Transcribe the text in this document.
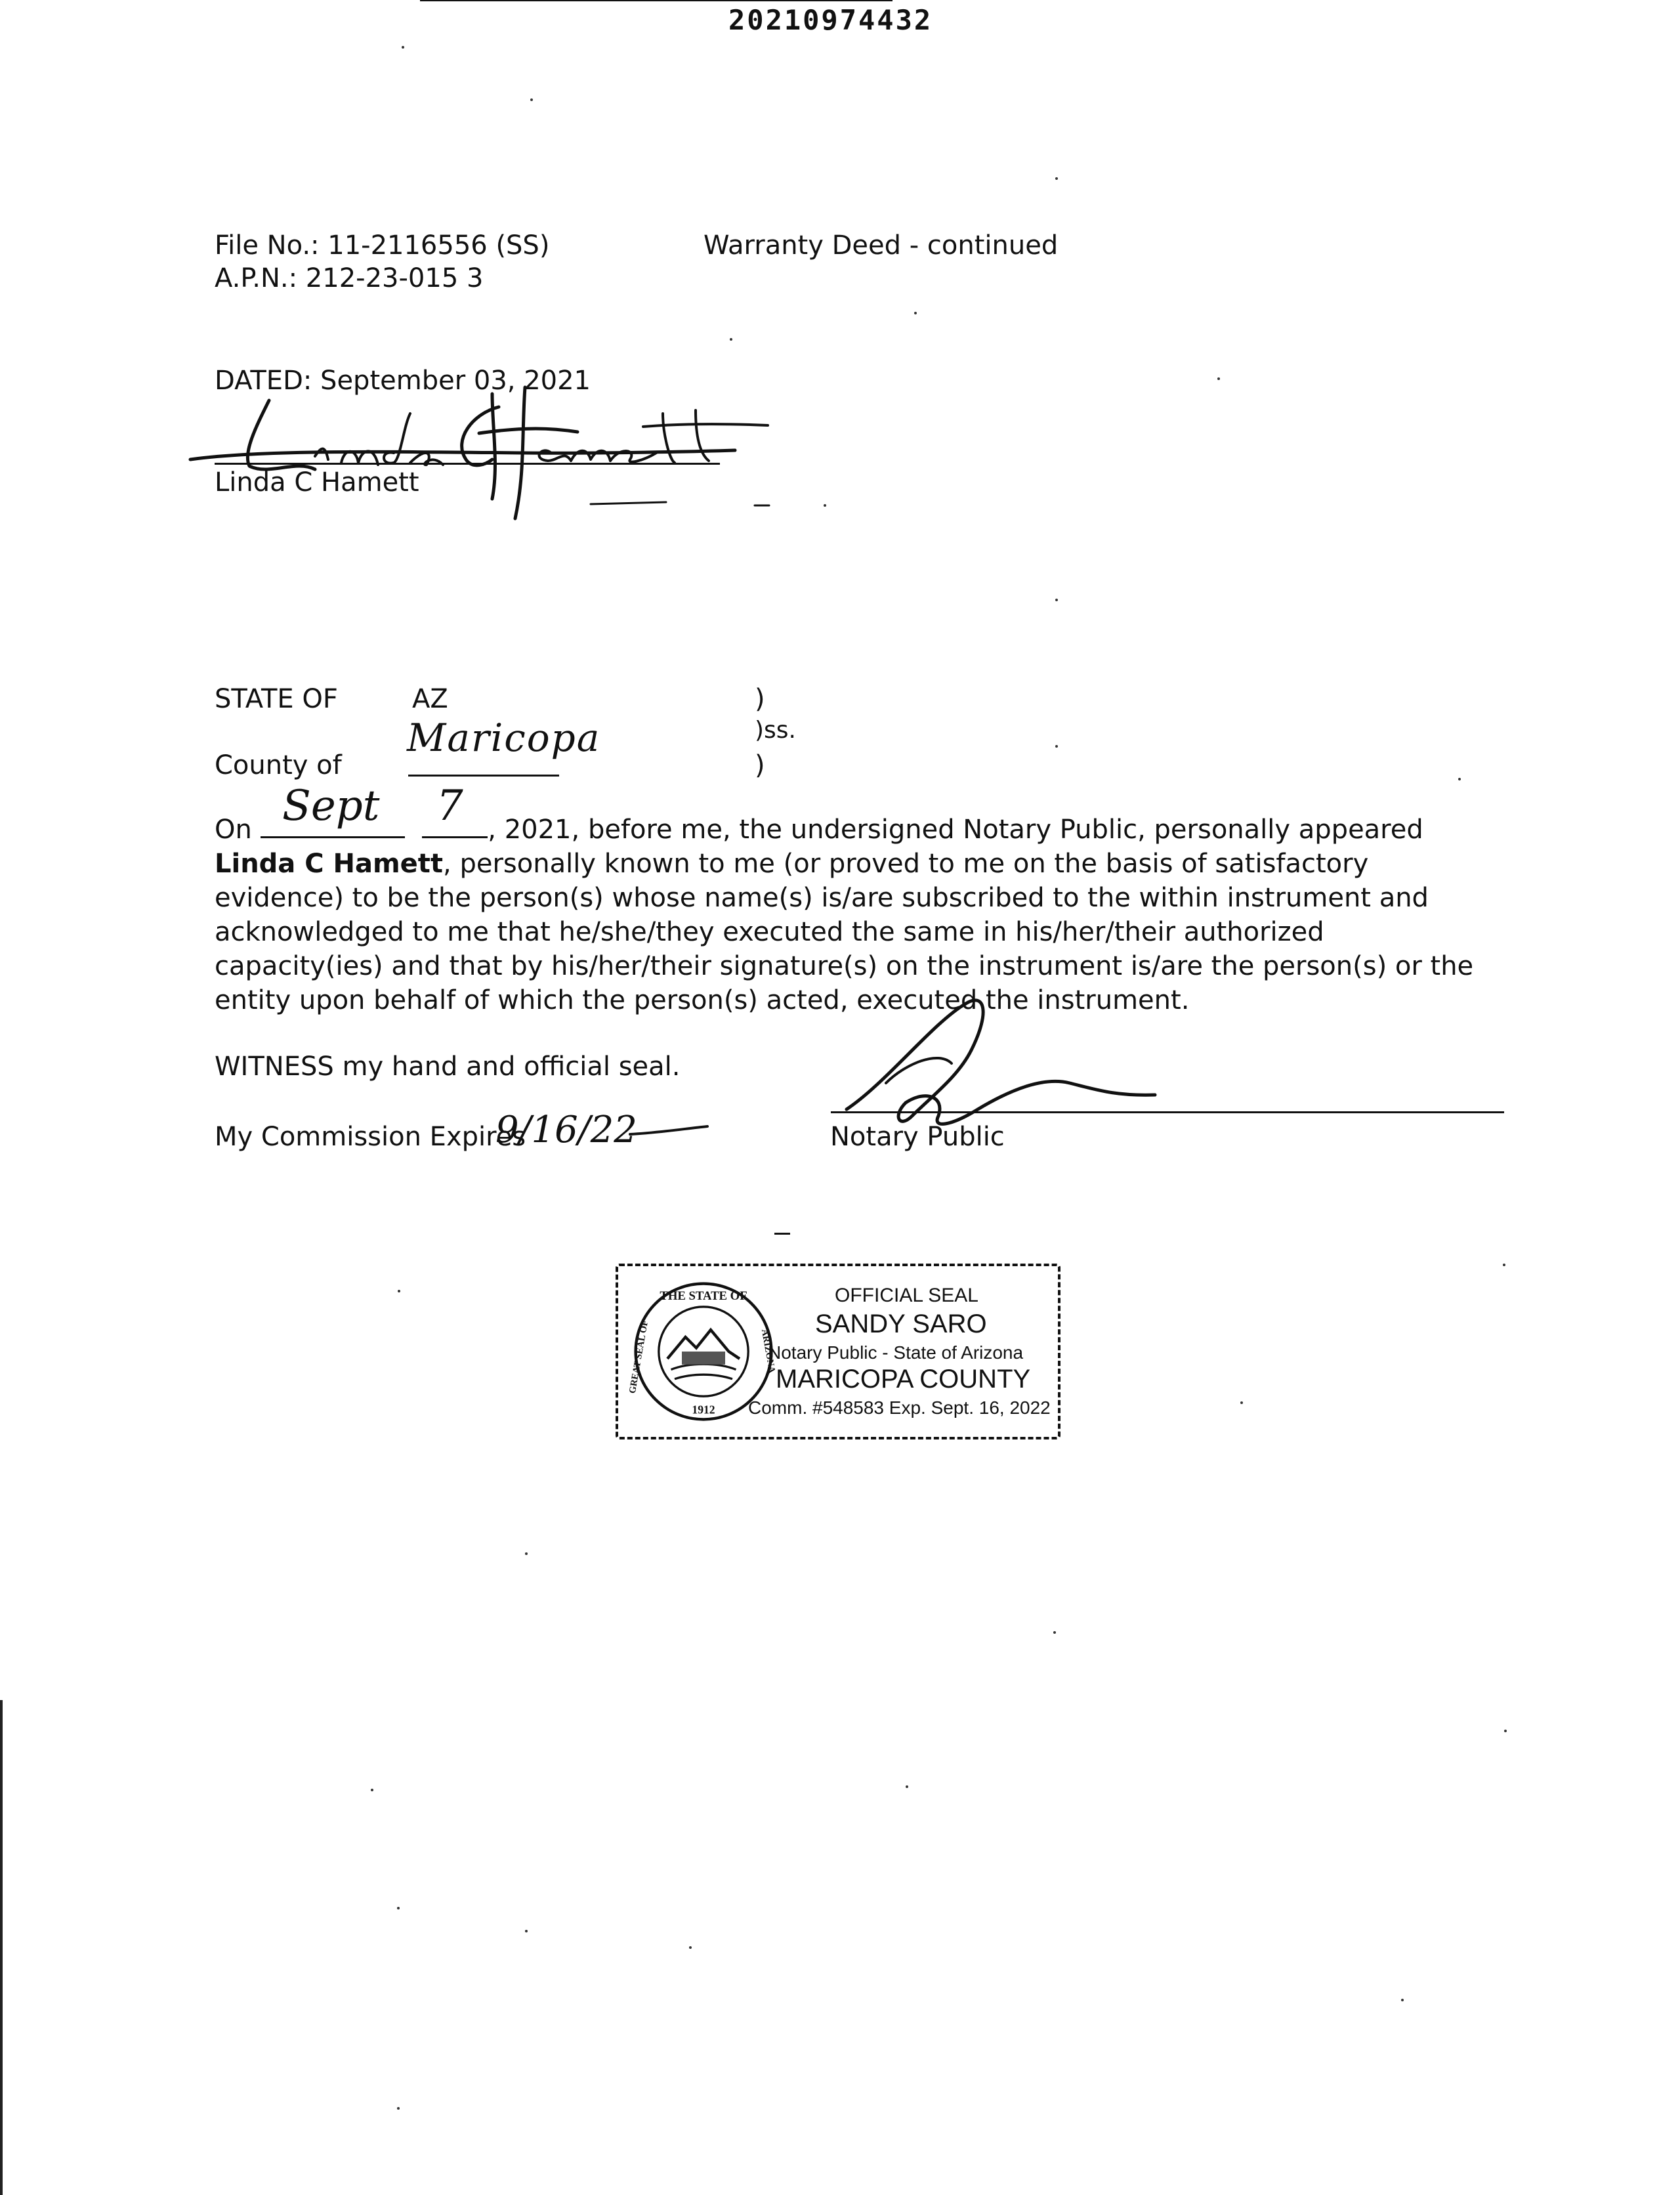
20210974432
File No.: 11-2116556 (SS)
A.P.N.: 212-23-015 3
Warranty Deed - continued
DATED: September 03, 2021
Linda C Hamett
STATE OF	AZ
County of
Maricopa
)
)ss.
)
Sept 7
On	, 2021, before me, the undersigned Notary Public, personally appeared Linda C Hamett, personally known to me (or proved to me on the basis of satisfactory evidence) to be the person(s) whose name(s) is/are subscribed to the within instrument and acknowledged to me that he/she/they executed the same in his/her/their authorized capacity(ies) and that by his/her/their signature(s) on the instrument is/are the person(s) or the entity upon behalf of which the person(s) acted, executed the instrument.
WITNESS my hand and official seal.
My Commission Expires
9/16/22	Notary Public
THE STATE OF
GREAT SEAL OF	ARIZONA
1912
OFFICIAL SEAL
SANDY SARO
Notary Public - State of Arizona
MARICOPA COUNTY
Comm. #548583 Exp. Sept. 16, 2022
